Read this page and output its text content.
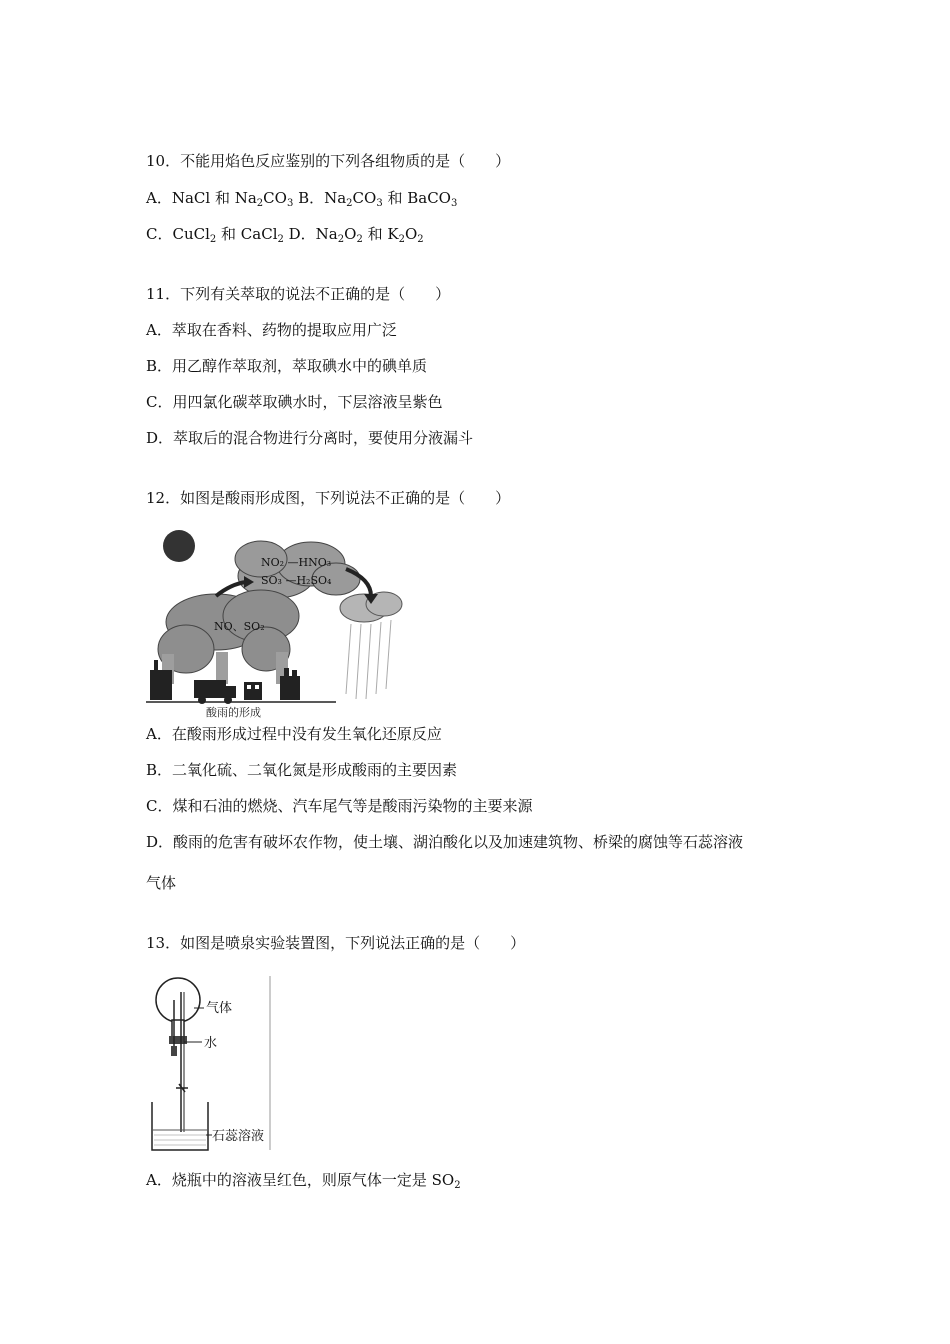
10．不能用焰色反应鉴别的下列各组物质的是（　　）
A．NaCl 和 $Na_2CO_3$ B．$Na_2CO_3$ 和 BaCO$_3$
C．CuCl$_2$ 和 CaCl$_2$ D．$Na_2O_2$ 和 $K_2O_2$
11．下列有关萃取的说法不正确的是（　　）
A．萃取在香料、药物的提取应用广泛
B．用乙醇作萃取剂，萃取碘水中的碘单质
C．用四氯化碳萃取碘水时，下层溶液呈紫色
D．萃取后的混合物进行分离时，要使用分液漏斗
12．如图是酸雨形成图，下列说法不正确的是（　　）
NO₂ —HNO₃
SO₃ —H₂SO₄
NO、SO₂
酸雨的形成
A．在酸雨形成过程中没有发生氧化还原反应
B．二氧化硫、二氧化氮是形成酸雨的主要因素
C．煤和石油的燃烧、汽车尾气等是酸雨污染物的主要来源
D．酸雨的危害有破坏农作物，使土壤、湖泊酸化以及加速建筑物、桥梁的腐蚀等石蕊溶液
气体
13．如图是喷泉实验装置图，下列说法正确的是（　　）
气体
水
石蕊溶液
A．烧瓶中的溶液呈红色，则原气体一定是 $SO_2$
